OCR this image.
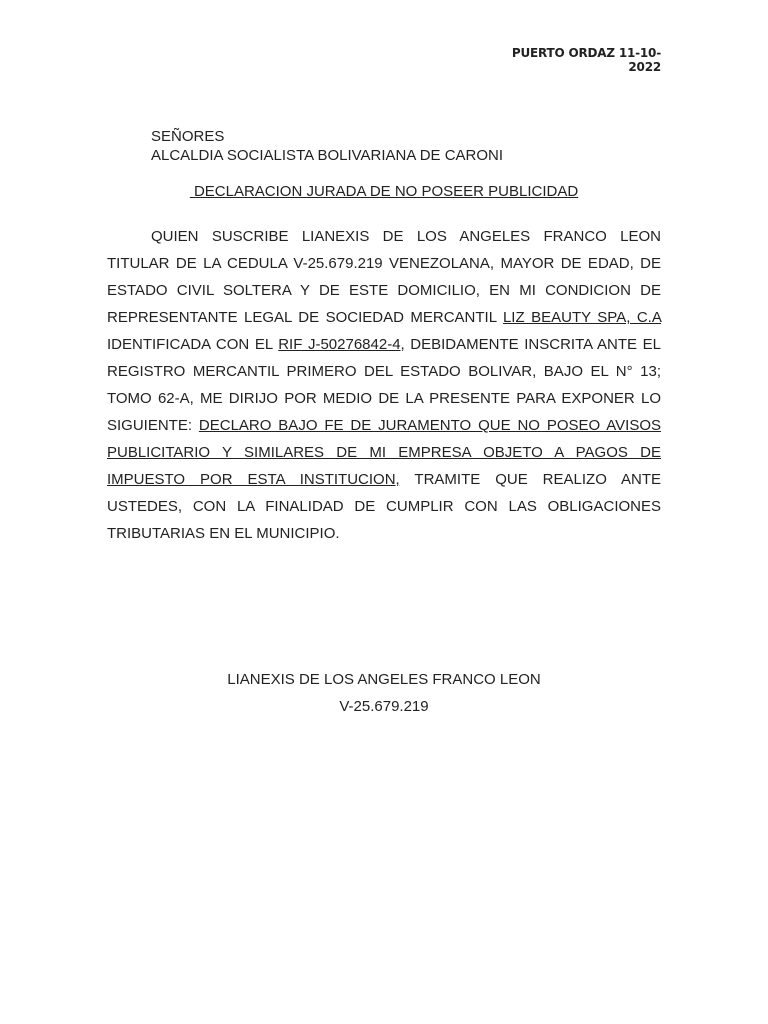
PUERTO ORDAZ 11-10-2022
SEÑORES
ALCALDIA SOCIALISTA BOLIVARIANA DE CARONI
DECLARACION JURADA DE NO POSEER PUBLICIDAD

QUIEN SUSCRIBE LIANEXIS DE LOS ANGELES FRANCO LEON TITULAR DE LA CEDULA V-25.679.219 VENEZOLANA, MAYOR DE EDAD, DE ESTADO CIVIL SOLTERA Y DE ESTE DOMICILIO, EN MI CONDICION DE REPRESENTANTE LEGAL DE SOCIEDAD MERCANTIL LIZ BEAUTY SPA, C.A IDENTIFICADA CON EL RIF J-50276842-4, DEBIDAMENTE INSCRITA ANTE EL REGISTRO MERCANTIL PRIMERO DEL ESTADO BOLIVAR, BAJO EL N° 13; TOMO 62-A, ME DIRIJO POR MEDIO DE LA PRESENTE PARA EXPONER LO SIGUIENTE: DECLARO BAJO FE DE JURAMENTO QUE NO POSEO AVISOS PUBLICITARIO Y SIMILARES DE MI EMPRESA OBJETO A PAGOS DE IMPUESTO POR ESTA INSTITUCION, TRAMITE QUE REALIZO ANTE USTEDES, CON LA FINALIDAD DE CUMPLIR CON LAS OBLIGACIONES TRIBUTARIAS EN EL MUNICIPIO.

LIANEXIS DE LOS ANGELES FRANCO LEON
V-25.679.219
